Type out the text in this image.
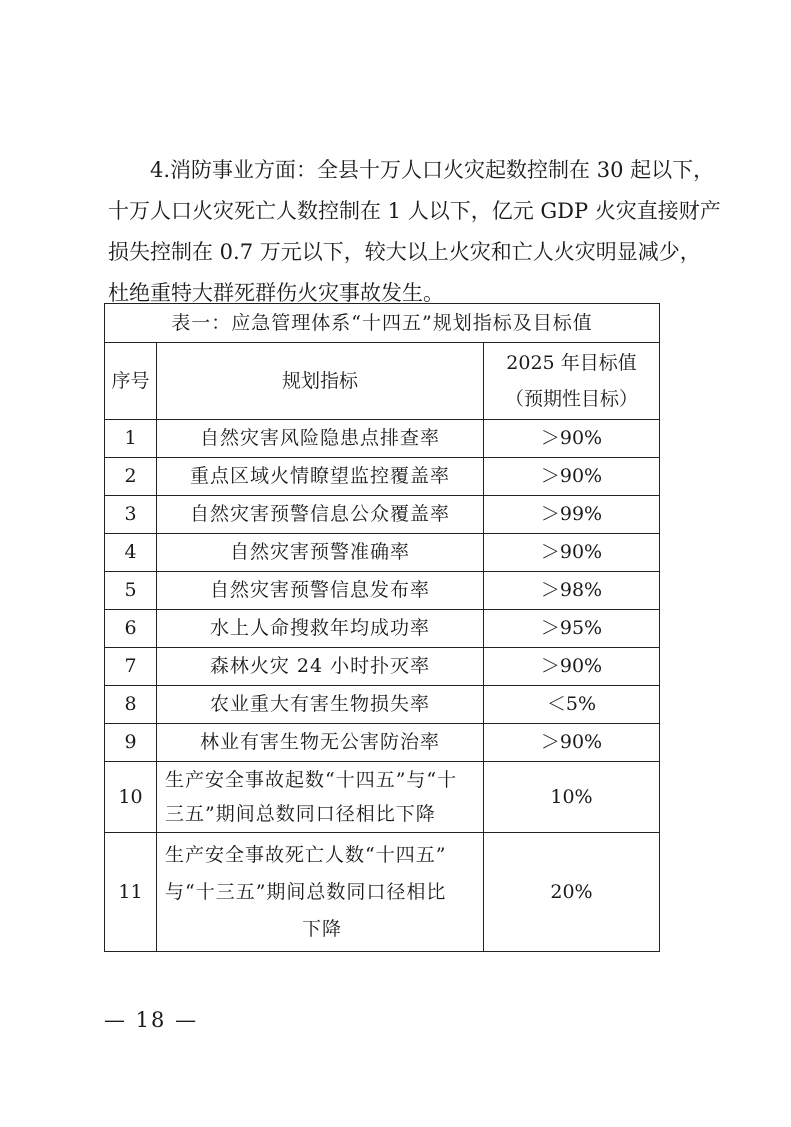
4.消防事业方面：全县十万人口火灾起数控制在 30 起以下，
十万人口火灾死亡人数控制在 1 人以下，亿元 GDP 火灾直接财产
损失控制在 0.7 万元以下，较大以上火灾和亡人火灾明显减少，
杜绝重特大群死群伤火灾事故发生。
表一：应急管理体系“十四五”规划指标及目标值
序号	规划指标	2025 年目标值
（预期性目标）

1	自然灾害风险隐患点排查率	＞90%
2	重点区域火情瞭望监控覆盖率	＞90%
3	自然灾害预警信息公众覆盖率	＞99%
4	自然灾害预警准确率	＞90%
5	自然灾害预警信息发布率	＞98%
6	水上人命搜救年均成功率	＞95%
7	森林火灾 24 小时扑灭率	＞90%
8	农业重大有害生物损失率	＜5%
9	林业有害生物无公害防治率	＞90%
10	生产安全事故起数“十四五”与“十
三五”期间总数同口径相比下降	10%
11	生产安全事故死亡人数“十四五”
与“十三五”期间总数同口径相比
下降	20%
— 18 —
